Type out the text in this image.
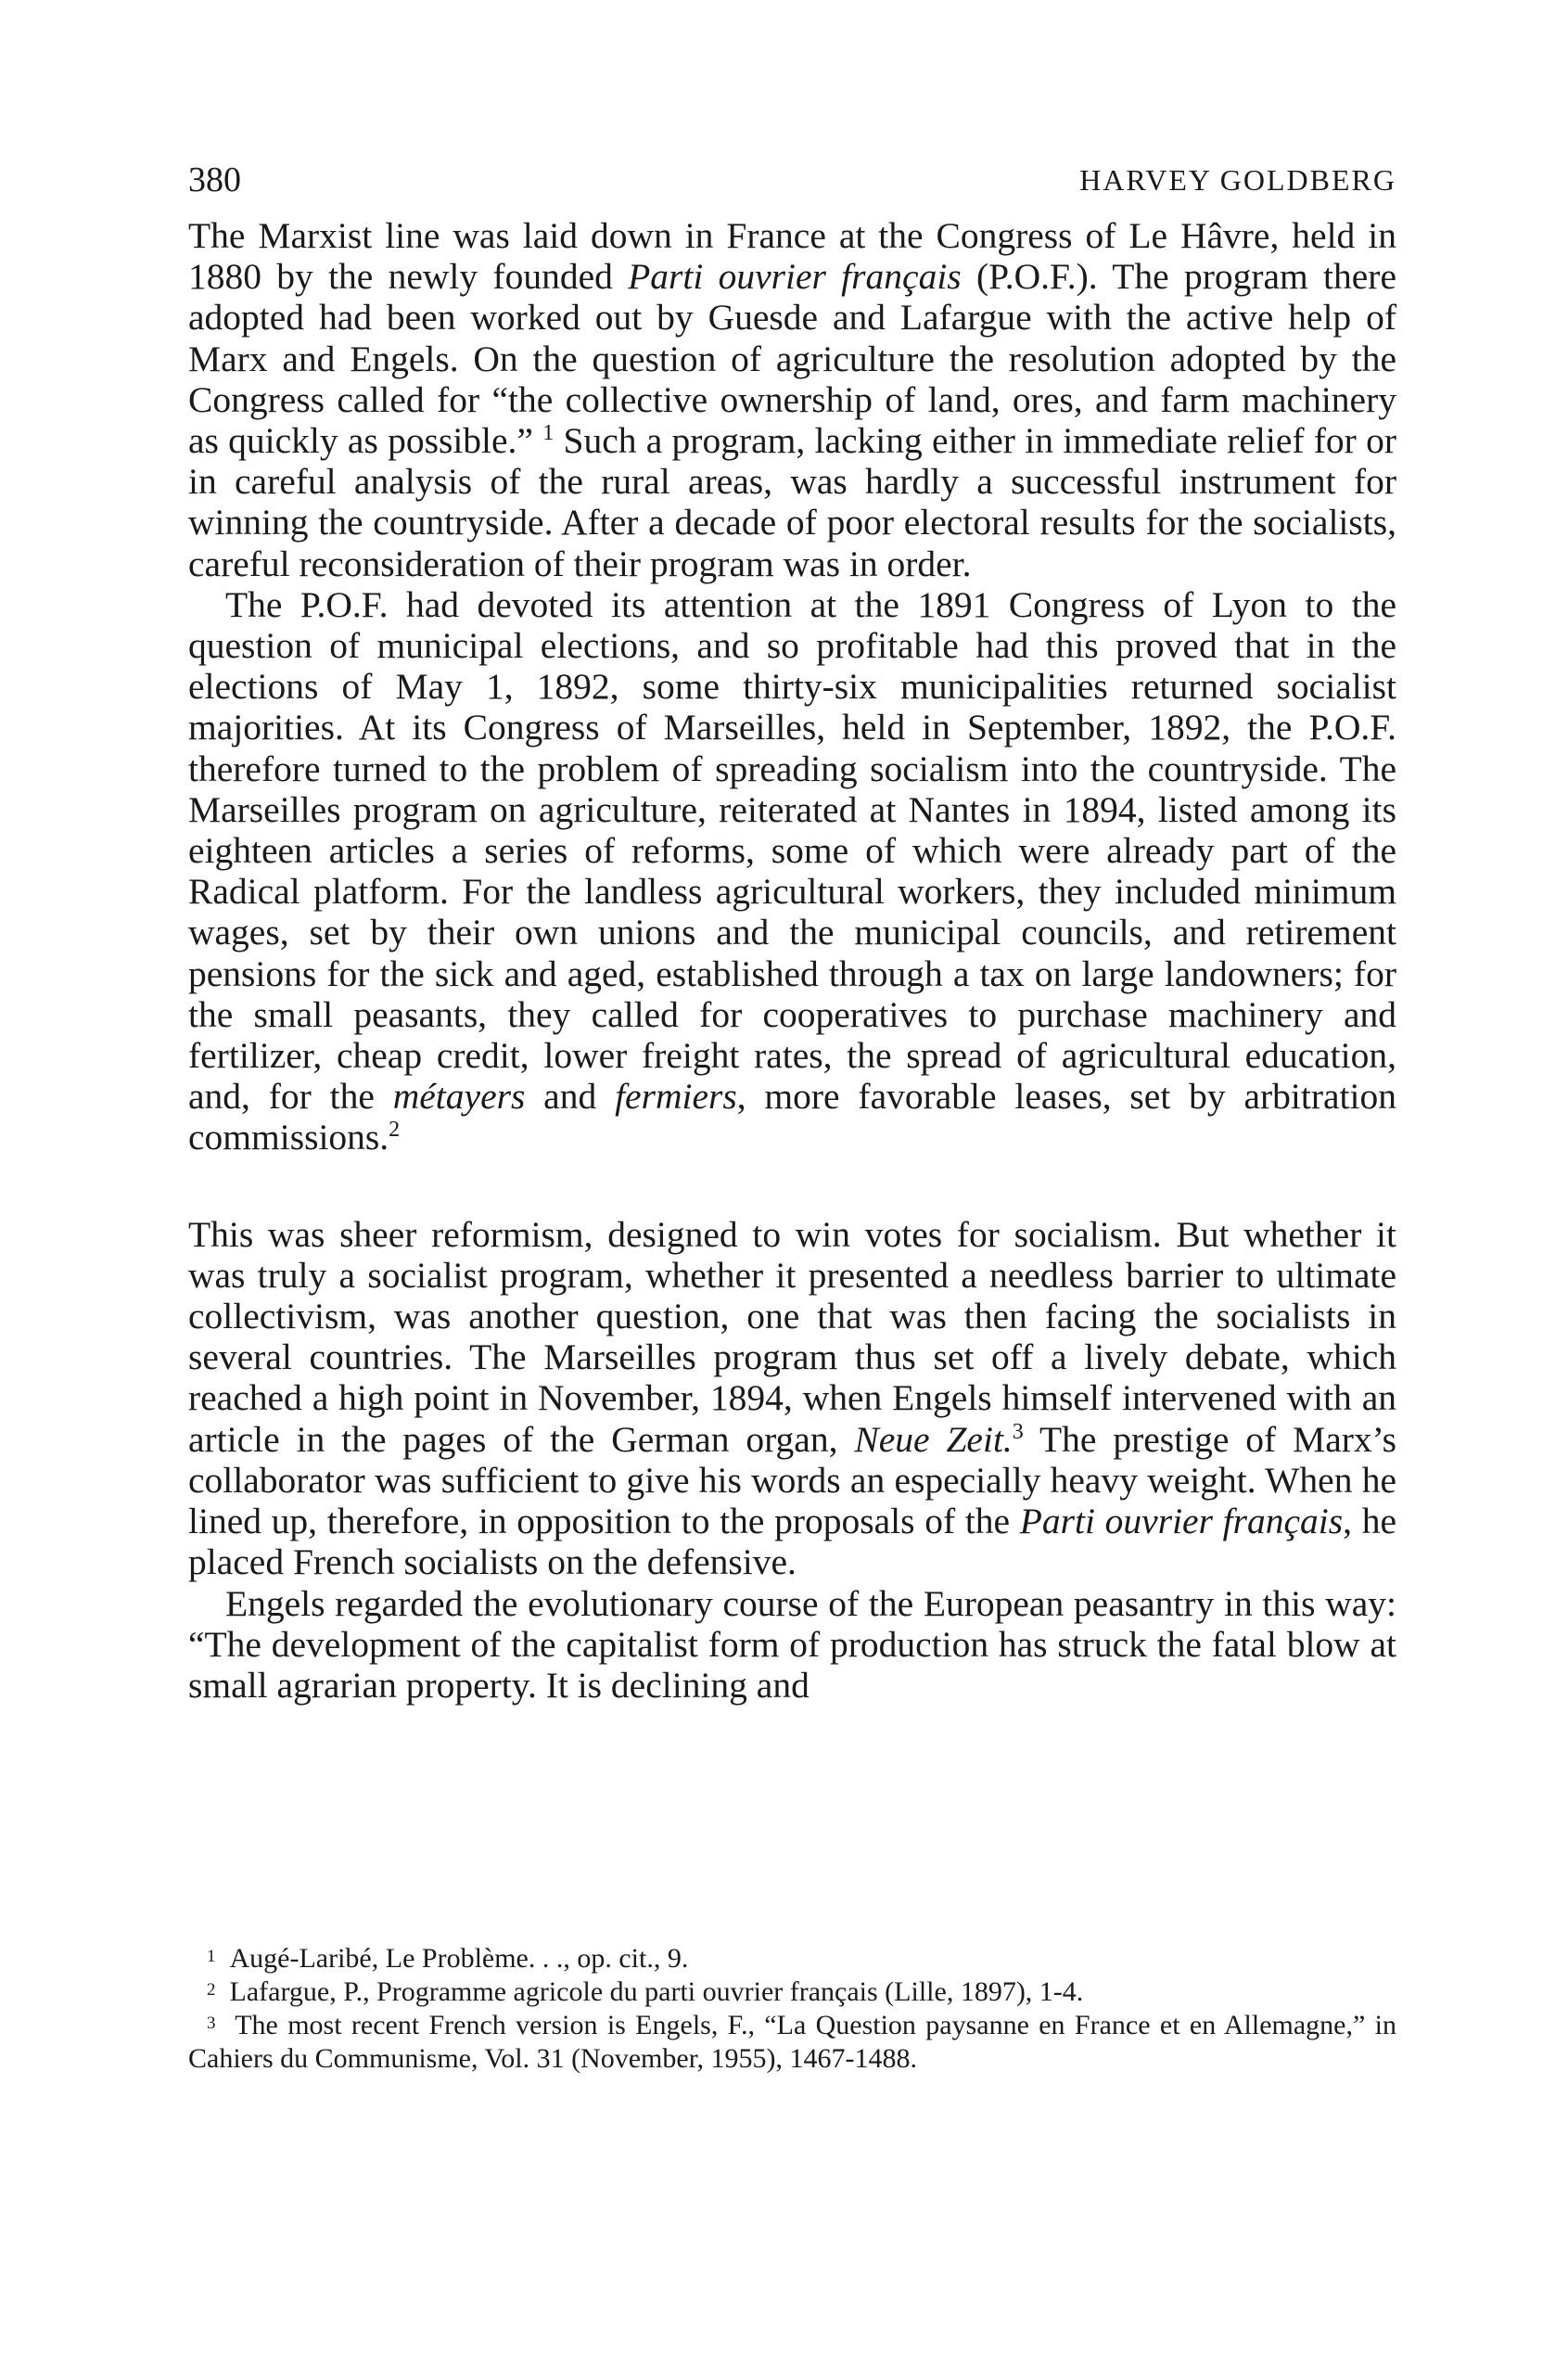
380	HARVEY GOLDBERG

The Marxist line was laid down in France at the Congress of Le Hâvre, held in 1880 by the newly founded Parti ouvrier français (P.O.F.). The program there adopted had been worked out by Guesde and Lafargue with the active help of Marx and Engels. On the question of agriculture the resolution adopted by the Congress called for “the collective ownership of land, ores, and farm machinery as quickly as possible.” $^1$ Such a program, lacking either in immediate relief for or in careful analysis of the rural areas, was hardly a successful instrument for winning the countryside. After a decade of poor electoral results for the socialists, careful reconsideration of their program was in order.

The P.O.F. had devoted its attention at the 1891 Congress of Lyon to the question of municipal elections, and so profitable had this proved that in the elections of May 1, 1892, some thirty-six municipalities returned socialist majorities. At its Congress of Marseilles, held in September, 1892, the P.O.F. therefore turned to the problem of spreading socialism into the countryside. The Marseilles program on agriculture, reiterated at Nantes in 1894, listed among its eighteen articles a series of reforms, some of which were already part of the Radical platform. For the landless agricultural workers, they included minimum wages, set by their own unions and the municipal councils, and retirement pensions for the sick and aged, established through a tax on large landowners; for the small peasants, they called for cooperatives to purchase machinery and fertilizer, cheap credit, lower freight rates, the spread of agricultural education, and, for the métayers and fermiers, more favorable leases, set by arbitration commissions.$^2$

This was sheer reformism, designed to win votes for socialism. But whether it was truly a socialist program, whether it presented a needless barrier to ultimate collectivism, was another question, one that was then facing the socialists in several countries. The Marseilles program thus set off a lively debate, which reached a high point in November, 1894, when Engels himself intervened with an article in the pages of the German organ, Neue Zeit.$^3$ The prestige of Marx’s collaborator was sufficient to give his words an especially heavy weight. When he lined up, therefore, in opposition to the proposals of the Parti ouvrier français, he placed French socialists on the defensive.

Engels regarded the evolutionary course of the European peasantry in this way: “The development of the capitalist form of production has struck the fatal blow at small agrarian property. It is declining and

$^1$ Augé-Laribé, Le Problème. . ., op. cit., 9.

$^2$ Lafargue, P., Programme agricole du parti ouvrier français (Lille, 1897), 1-4.

$^3$ The most recent French version is Engels, F., “La Question paysanne en France et en Allemagne,” in Cahiers du Communisme, Vol. 31 (November, 1955), 1467-1488.
